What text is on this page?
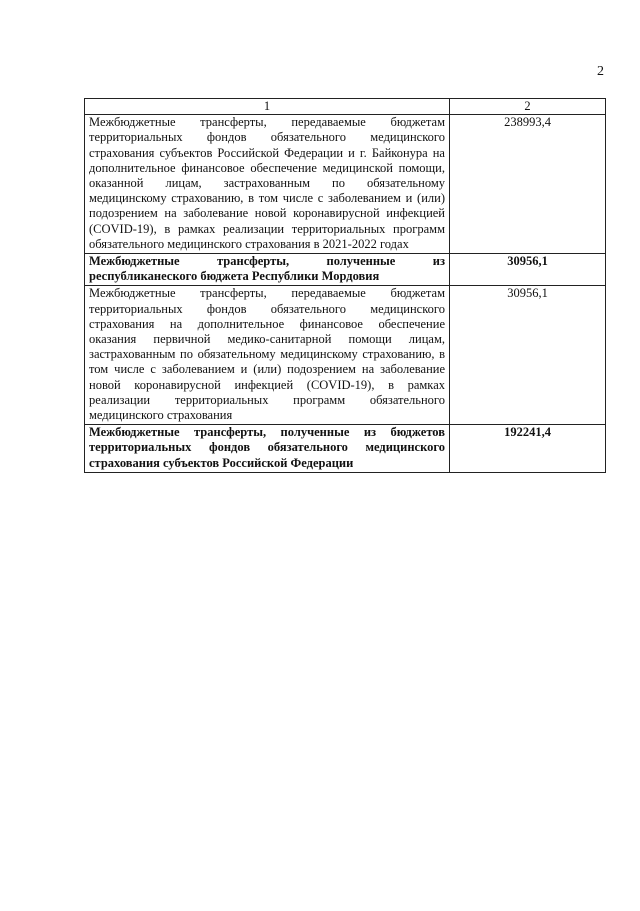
2
1	2
Межбюджетные трансферты, передаваемые бюджетам территориальных фондов обязательного медицинского страхования субъектов Российской Федерации и г. Байконура на дополнительное финансовое обеспечение медицинской помощи, оказанной лицам, застрахованным по обязательному медицинскому страхованию, в том числе с заболеванием и (или) подозрением на заболевание новой коронавирусной инфекцией (COVID-19), в рамках реализации территориальных программ обязательного медицинского страхования в 2021-2022 годах	238993,4
Межбюджетные трансферты, полученные из республиканеского бюджета Республики Мордовия	30956,1
Межбюджетные трансферты, передаваемые бюджетам территориальных фондов обязательного медицинского страхования на дополнительное финансовое обеспечение оказания первичной медико-санитарной помощи лицам, застрахованным по обязательному медицинскому страхованию, в том числе с заболеванием и (или) подозрением на заболевание новой коронавирусной инфекцией (COVID-19), в рамках реализации территориальных программ обязательного медицинского страхования	30956,1
Межбюджетные трансферты, полученные из бюджетов территориальных фондов обязательного медицинского страхования субъектов Российской Федерации	192241,4
